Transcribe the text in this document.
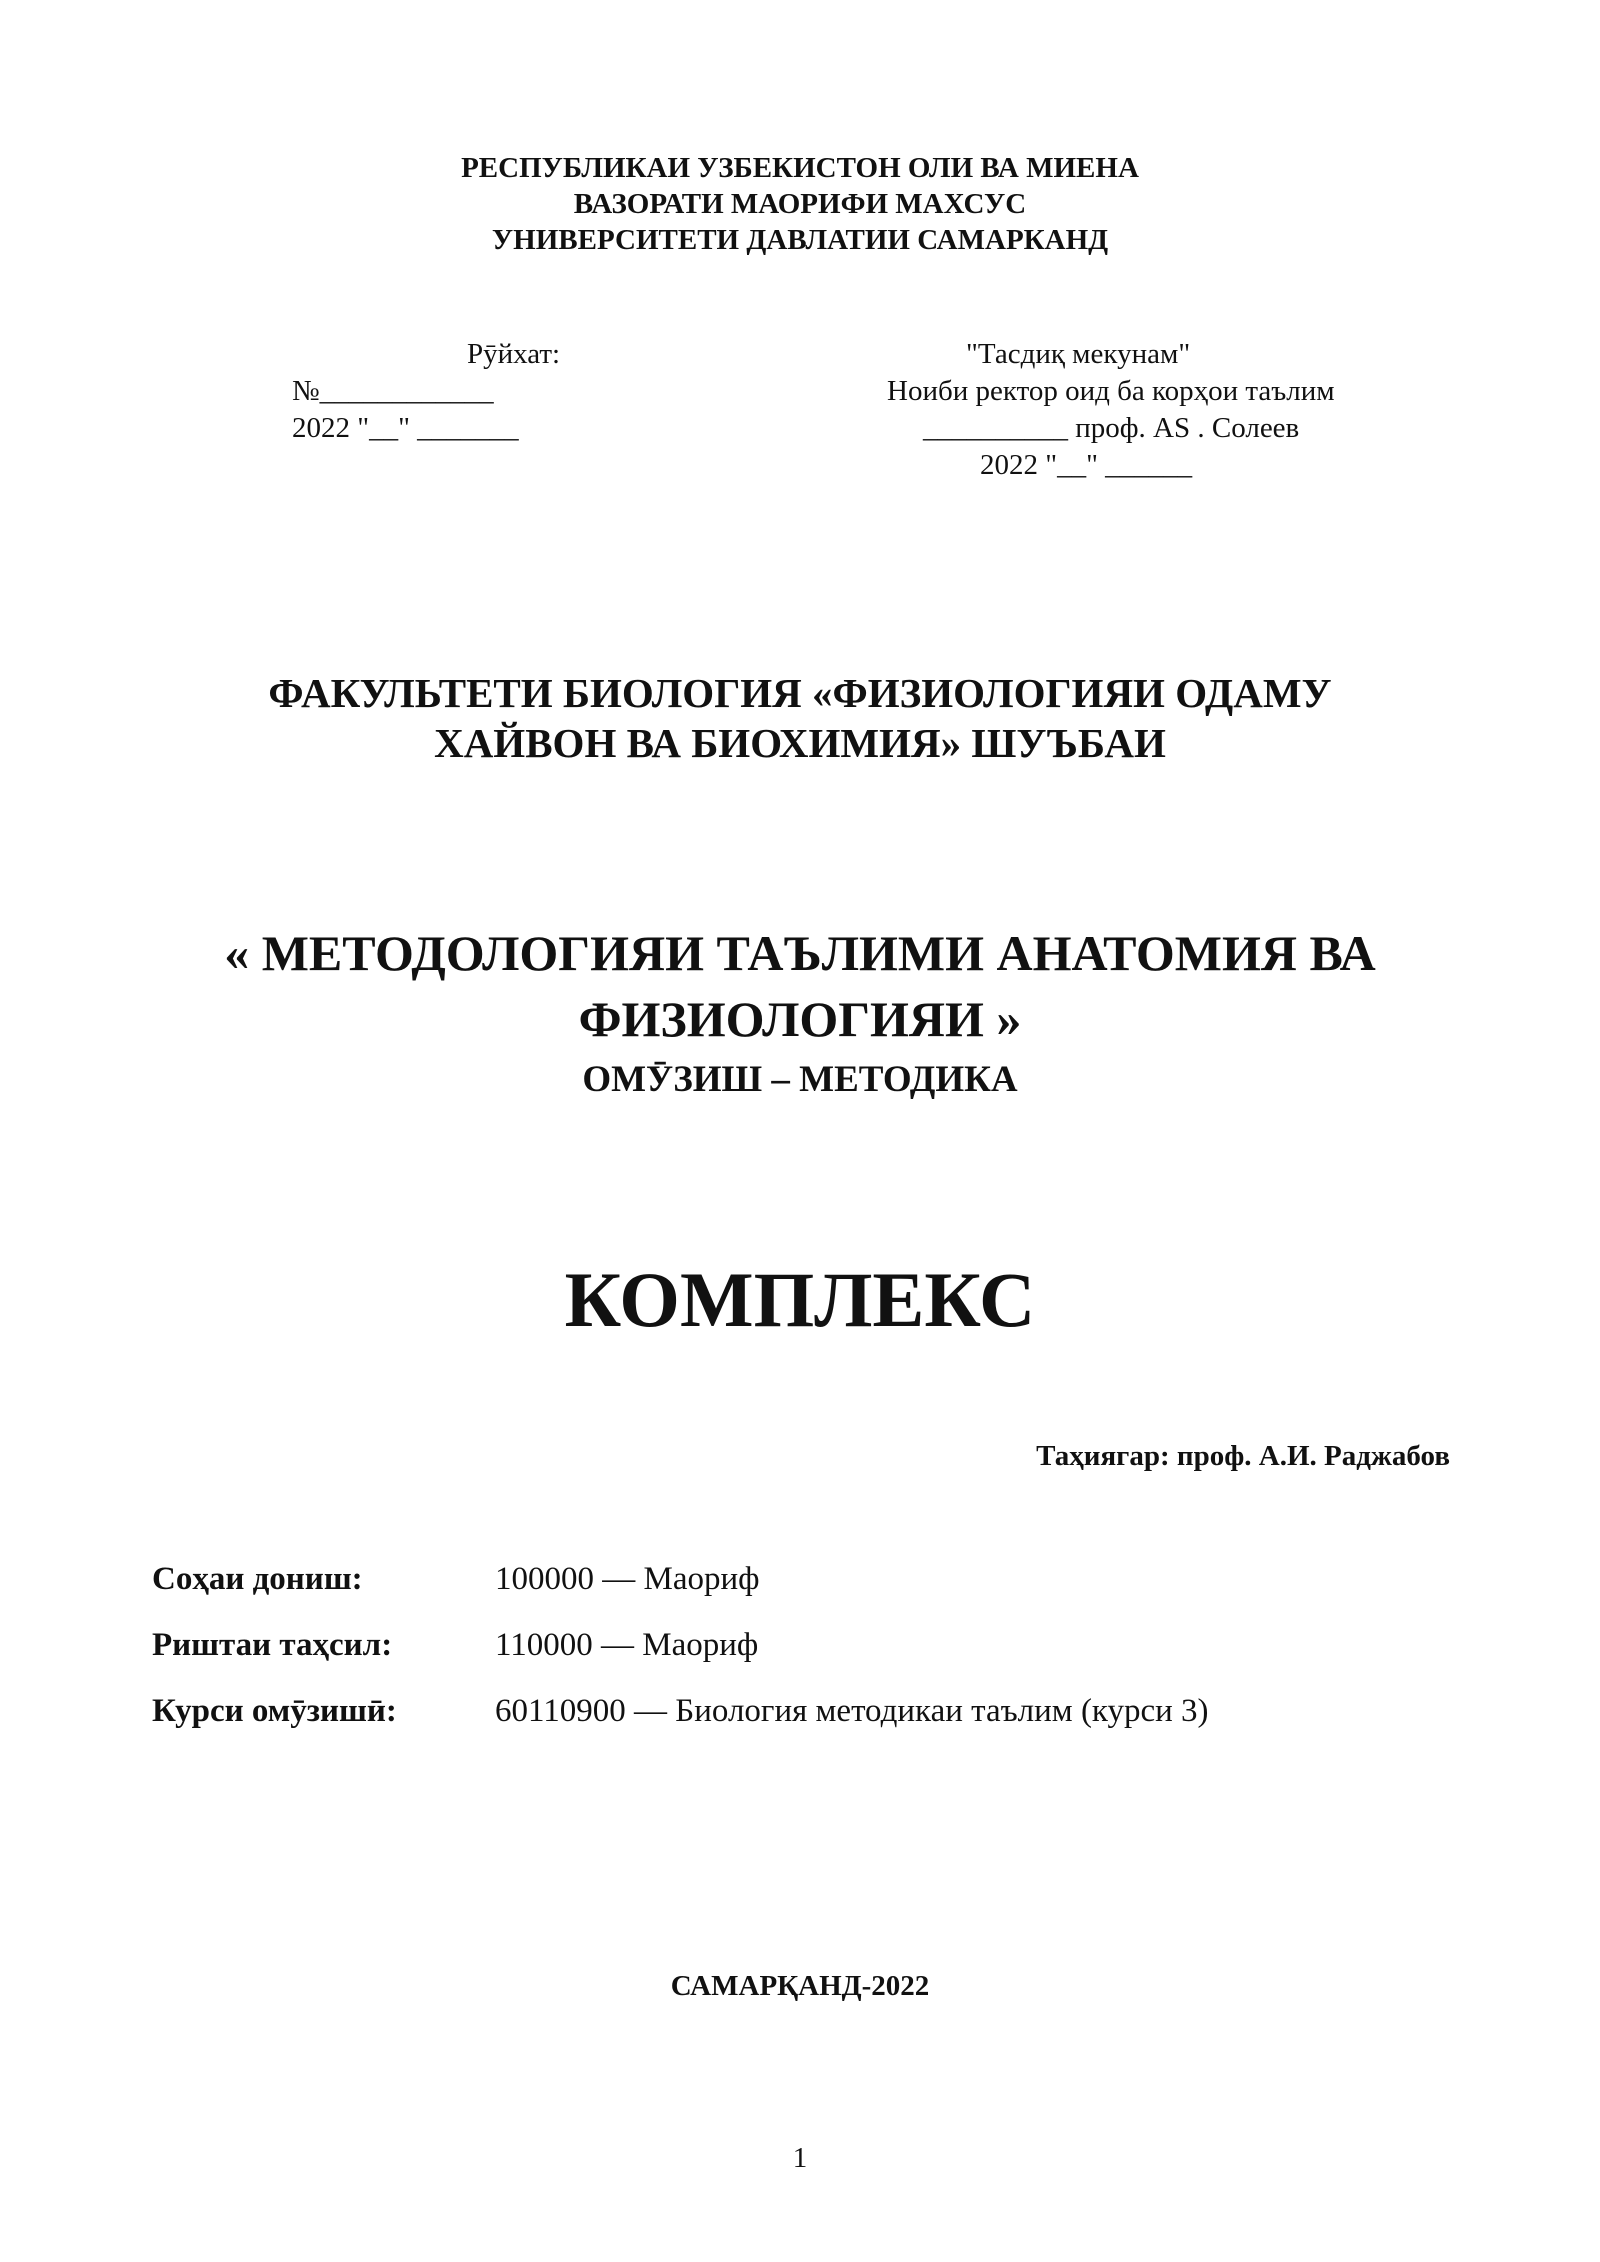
РЕСПУБЛИКАИ УЗБЕКИСТОН ОЛИ ВА МИЕНА
ВАЗОРАТИ МАОРИФИ МАХСУС
УНИВЕРСИТЕТИ ДАВЛАТИИ САМАРКАНД
Рӯйхат:
№____________
2022 "__" _______
"Тасдиқ мекунам"
Ноиби ректор оид ба корҳои таълим
__________ проф. AS . Солеев
2022 "__" ______
ФАКУЛЬТЕТИ БИОЛОГИЯ «ФИЗИОЛОГИЯИ ОДАМУ
ХАЙВОН ВА БИОХИМИЯ» ШУЪБАИ
« МЕТОДОЛОГИЯИ ТАЪЛИМИ АНАТОМИЯ ВА
ФИЗИОЛОГИЯИ »
ОМӮЗИШ – МЕТОДИКА
КОМПЛЕКС
Таҳиягар: проф. А.И. Раджабов
Соҳаи дониш:	100000 — Маориф
Риштаи таҳсил:	110000 — Маориф
Курси омӯзишӣ:	60110900 — Биология методикаи таълим (курси 3)
САМАРҚАНД-2022
1
